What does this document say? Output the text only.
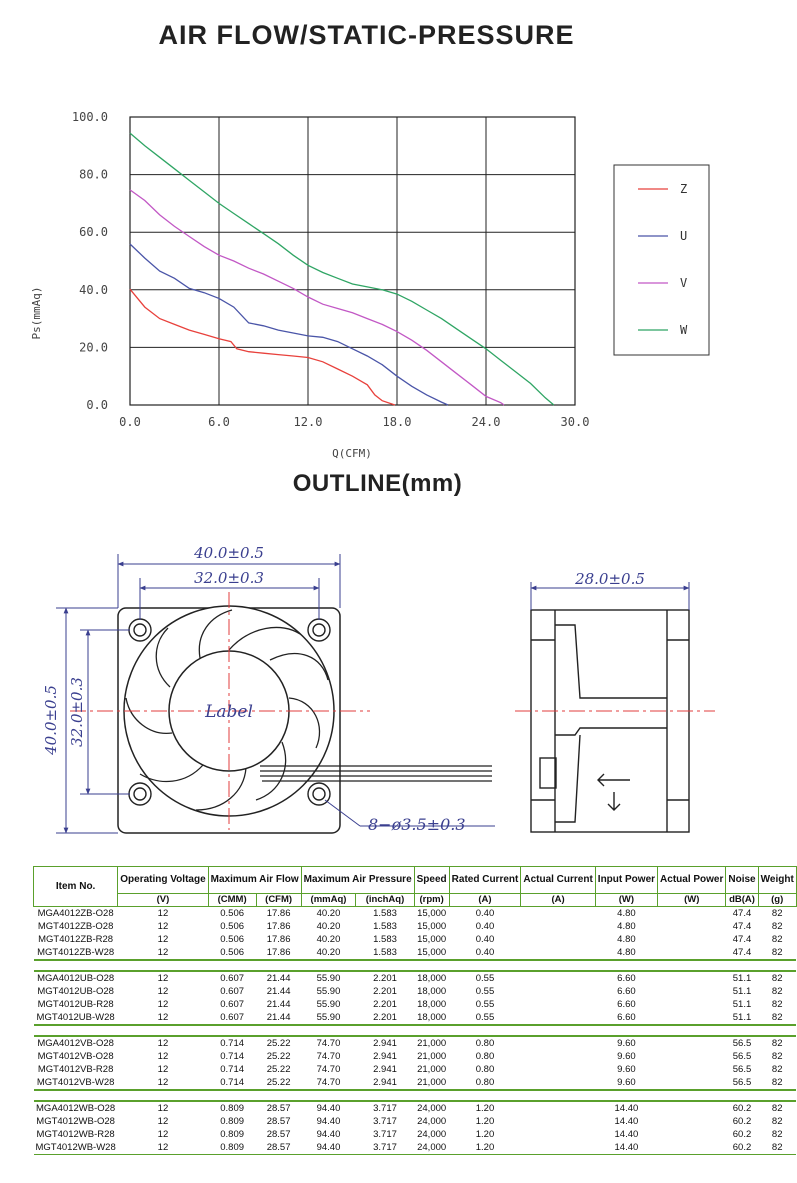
AIR FLOW/STATIC-PRESSURE
0.0	6.0	12.0	18.0	24.0	30.0
0.0
20.0
40.0
60.0
80.0
100.0
Q(CFM)
Ps(mmAq)
Z
U
V
W
OUTLINE(mm)
Label
40.0±0.5
32.0±0.3
40.0±0.5 32.0±0.3
8−ø3.5±0.3
28.0±0.5
Item No.	Operating Voltage	Maximum Air Flow		Maximum Air Pressure		Speed	Rated Current	Actual Current	Input Power	Actual Power	Noise	Weight
	(V)	(CMM)	(CFM)	(mmAq)	(inchAq)	(rpm)	(A)	(A)	(W)	(W)	dB(A)	(g)
MGA4012ZB-O28	12	0.506	17.86	40.20	1.583	15,000	0.40		4.80		47.4	82
MGT4012ZB-O28	12	0.506	17.86	40.20	1.583	15,000	0.40		4.80		47.4	82
MGT4012ZB-R28	12	0.506	17.86	40.20	1.583	15,000	0.40		4.80		47.4	82
MGT4012ZB-W28	12	0.506	17.86	40.20	1.583	15,000	0.40		4.80		47.4	82

MGA4012UB-O28	12	0.607	21.44	55.90	2.201	18,000	0.55		6.60		51.1	82
MGT4012UB-O28	12	0.607	21.44	55.90	2.201	18,000	0.55		6.60		51.1	82
MGT4012UB-R28	12	0.607	21.44	55.90	2.201	18,000	0.55		6.60		51.1	82
MGT4012UB-W28	12	0.607	21.44	55.90	2.201	18,000	0.55		6.60		51.1	82

MGA4012VB-O28	12	0.714	25.22	74.70	2.941	21,000	0.80		9.60		56.5	82
MGT4012VB-O28	12	0.714	25.22	74.70	2.941	21,000	0.80		9.60		56.5	82
MGT4012VB-R28	12	0.714	25.22	74.70	2.941	21,000	0.80		9.60		56.5	82
MGT4012VB-W28	12	0.714	25.22	74.70	2.941	21,000	0.80		9.60		56.5	82

MGA4012WB-O28	12	0.809	28.57	94.40	3.717	24,000	1.20		14.40		60.2	82
MGT4012WB-O28	12	0.809	28.57	94.40	3.717	24,000	1.20		14.40		60.2	82
MGT4012WB-R28	12	0.809	28.57	94.40	3.717	24,000	1.20		14.40		60.2	82
MGT4012WB-W28	12	0.809	28.57	94.40	3.717	24,000	1.20		14.40		60.2	82
